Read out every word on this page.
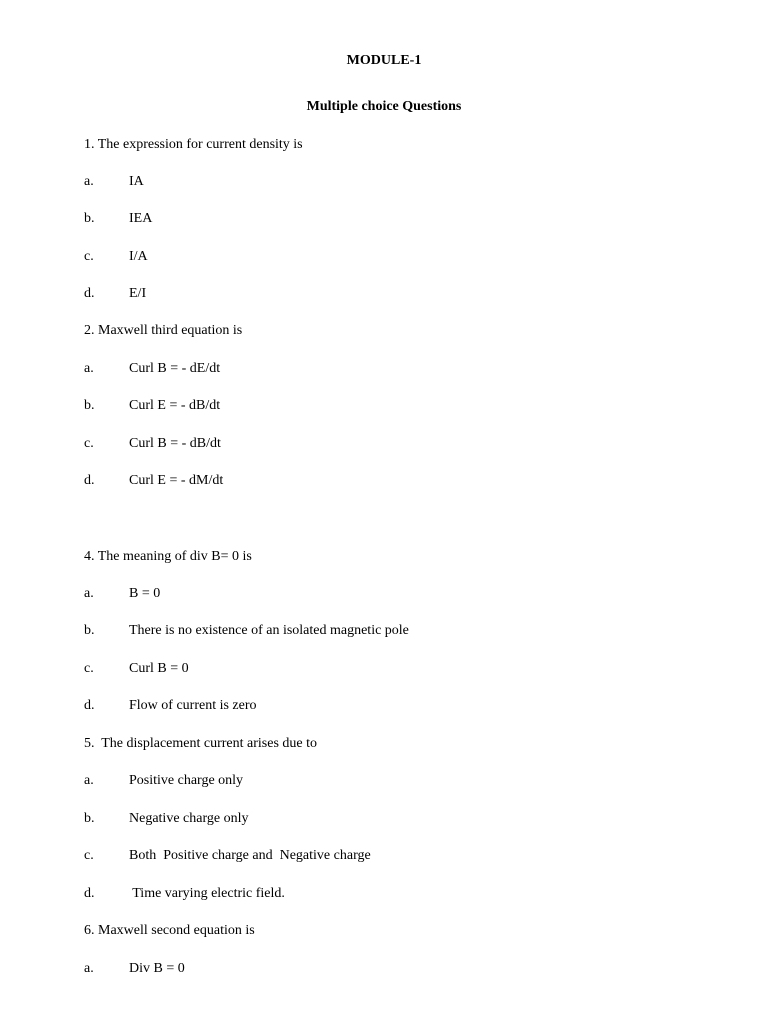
MODULE-1
Multiple choice Questions
1. The expression for current density is
a.	IA
b. IEA
c.	I/A
d. E/I
2. Maxwell third equation is
a.	Curl B = - dE/dt
b. Curl E = - dB/dt
c.	Curl B = - dB/dt
d. Curl E = - dM/dt
4. The meaning of div B= 0 is
a.	B = 0
b. There is no existence of an isolated magnetic pole
c.	Curl B = 0
d. Flow of current is zero
5.  The displacement current arises due to
a.	Positive charge only
b. Negative charge only
c.	Both  Positive charge and  Negative charge
d. Time varying electric field.
6. Maxwell second equation is
a.	Div B = 0
